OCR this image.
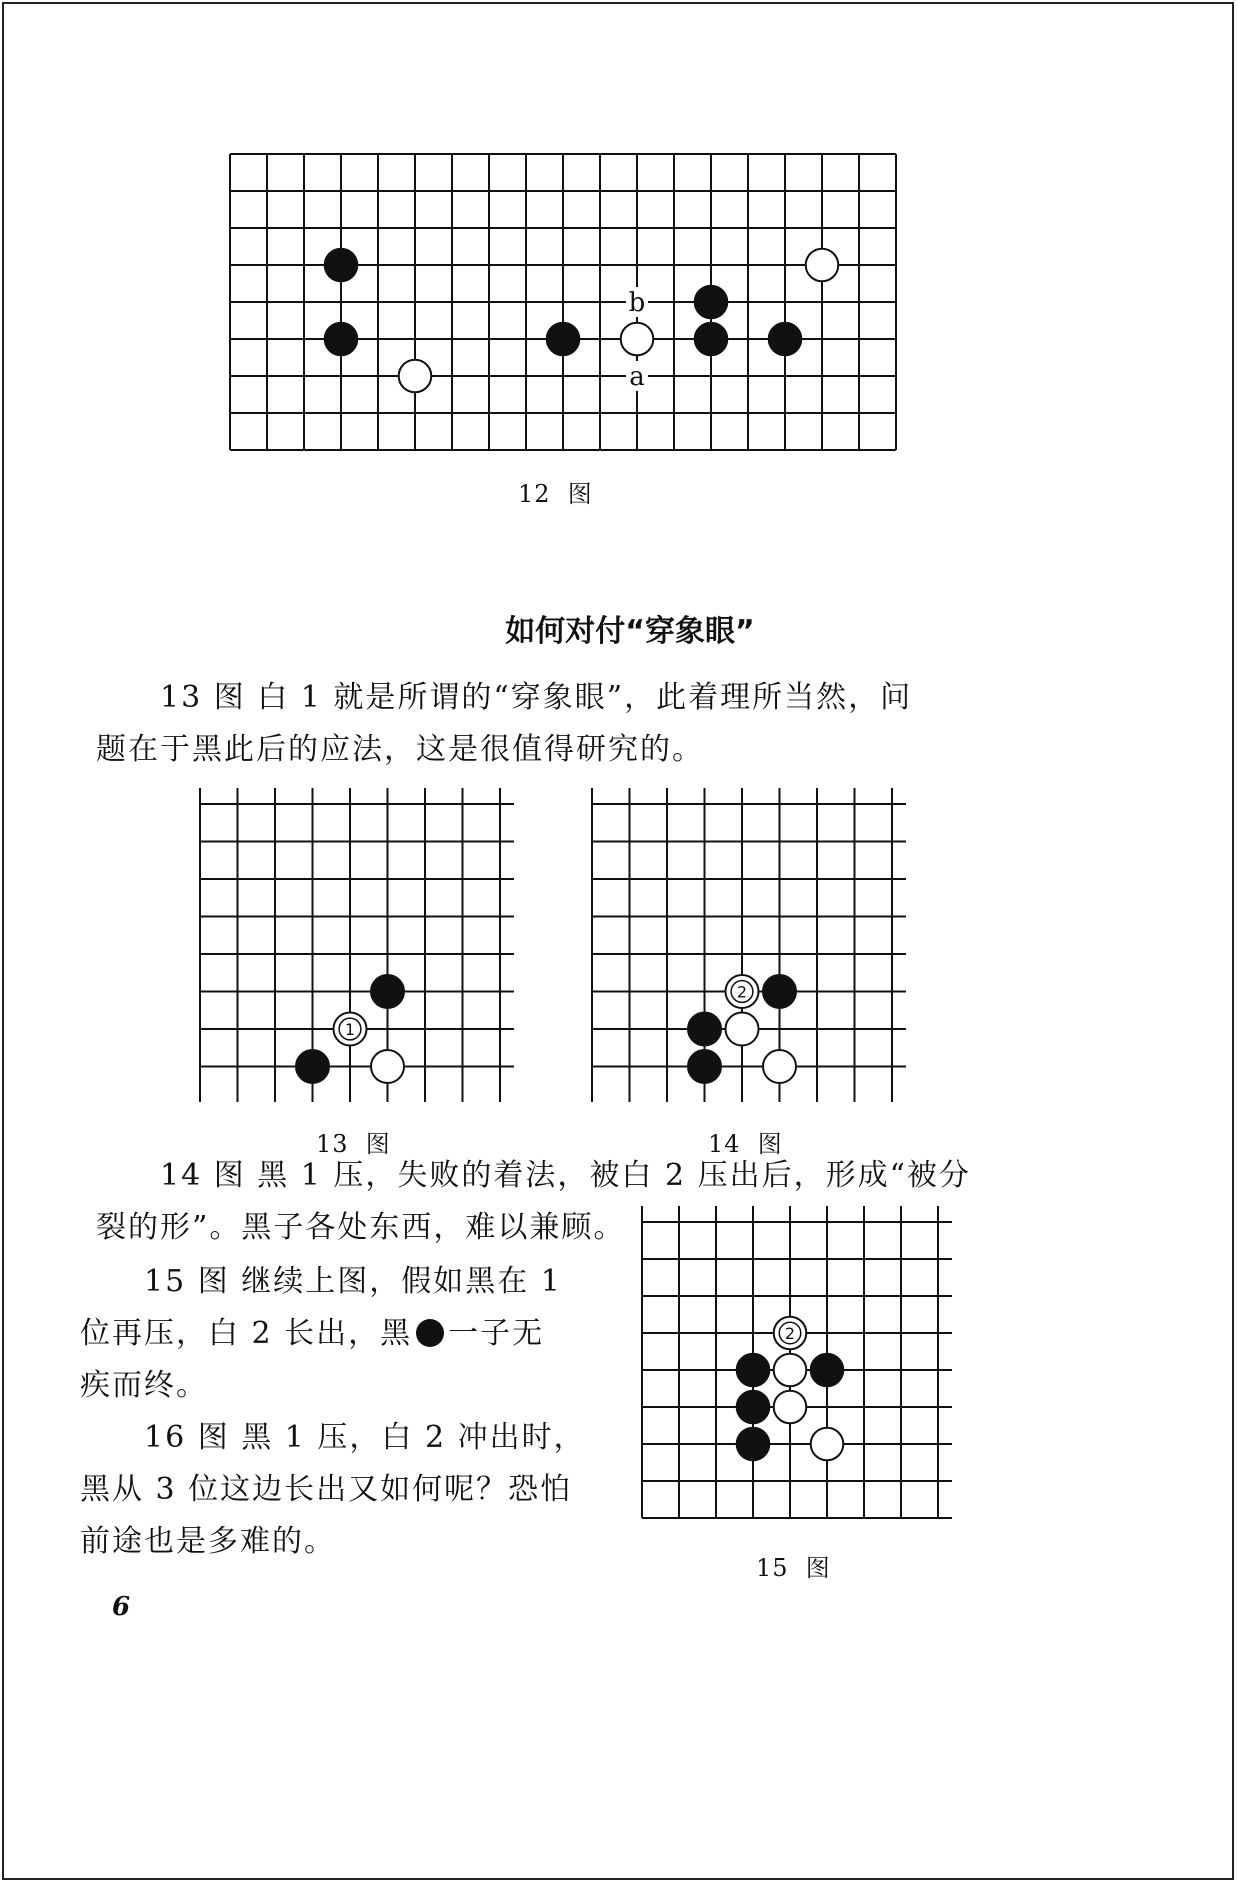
b
a
12  图
如何对付“穿象眼”

13 图 白 1 就是所谓的“穿象眼”，此着理所当然，问

题在于黑此后的应法，这是很值得研究的。

1
13  图
2
14  图

14 图 黑 1 压，失败的着法，被白 2 压出后，形成“被分

裂的形”。黑子各处东西，难以兼顾。

15 图 继续上图，假如黑在 1

位再压，白 2 长出，黑 一子无

疾而终。

16 图 黑 1 压，白 2 冲出时，

黑从 3 位这边长出又如何呢？恐怕

前途也是多难的。

2
15  图
6
